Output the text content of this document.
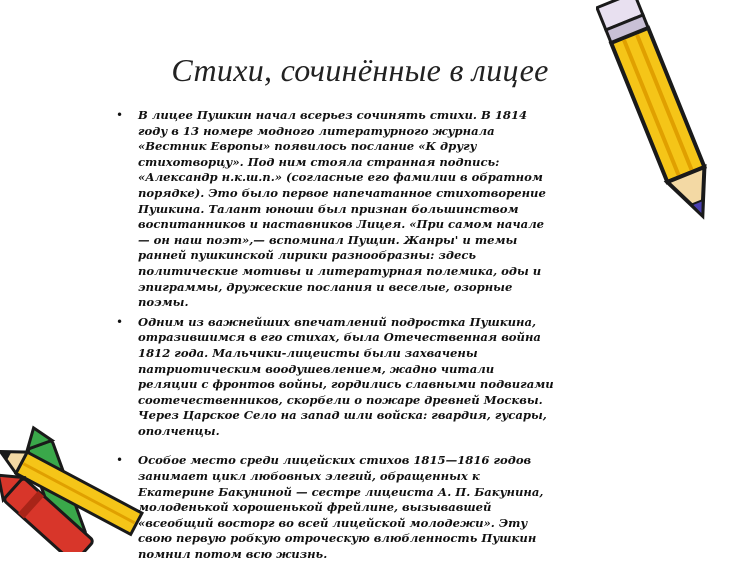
Стихи, сочинённые в лицее

• В лицее Пушкин начал всерьез сочинять стихи. В 1814 году в 13 номере модного литературного журнала «Вестник Европы» появилось послание «К другу стихотворцу». Под ним стояла странная подпись: «Александр н.к.ш.п.» (согласные его фамилии в обратном порядке). Это было первое напечатанное стихотворение Пушкина. Талант юноши был признан большинством воспитанников и наставников Лицея. «При самом начале — он наш поэт»,— вспоминал Пущин. Жанры' и темы ранней пушкинской лирики разнообразны: здесь политические мотивы и литературная полемика, оды и эпиграммы, дружеские послания и веселые, озорные поэмы.

• Одним из важнейших впечатлений подростка Пушкина, отразившимся в его стихах, была Отечественная война 1812 года. Мальчики-лицеисты были захвачены патриотическим воодушевлением, жадно читали реляции с фронтов войны, гордились славными подвигами соотечественников, скорбели о пожаре древней Москвы. Через Царское Село на запад шли войска: гвардия, гусары, ополченцы.

• Особое место среди лицейских стихов 1815—1816 годов занимает цикл любовных элегий, обращенных к Екатерине Бакуниной — сестре лицеиста А. П. Бакунина, молоденькой хорошенькой фрейлине, вызывавшей «всеобщий восторг во всей лицейской молодежи». Эту свою первую робкую отроческую влюбленность Пушкин помнил потом всю жизнь.
